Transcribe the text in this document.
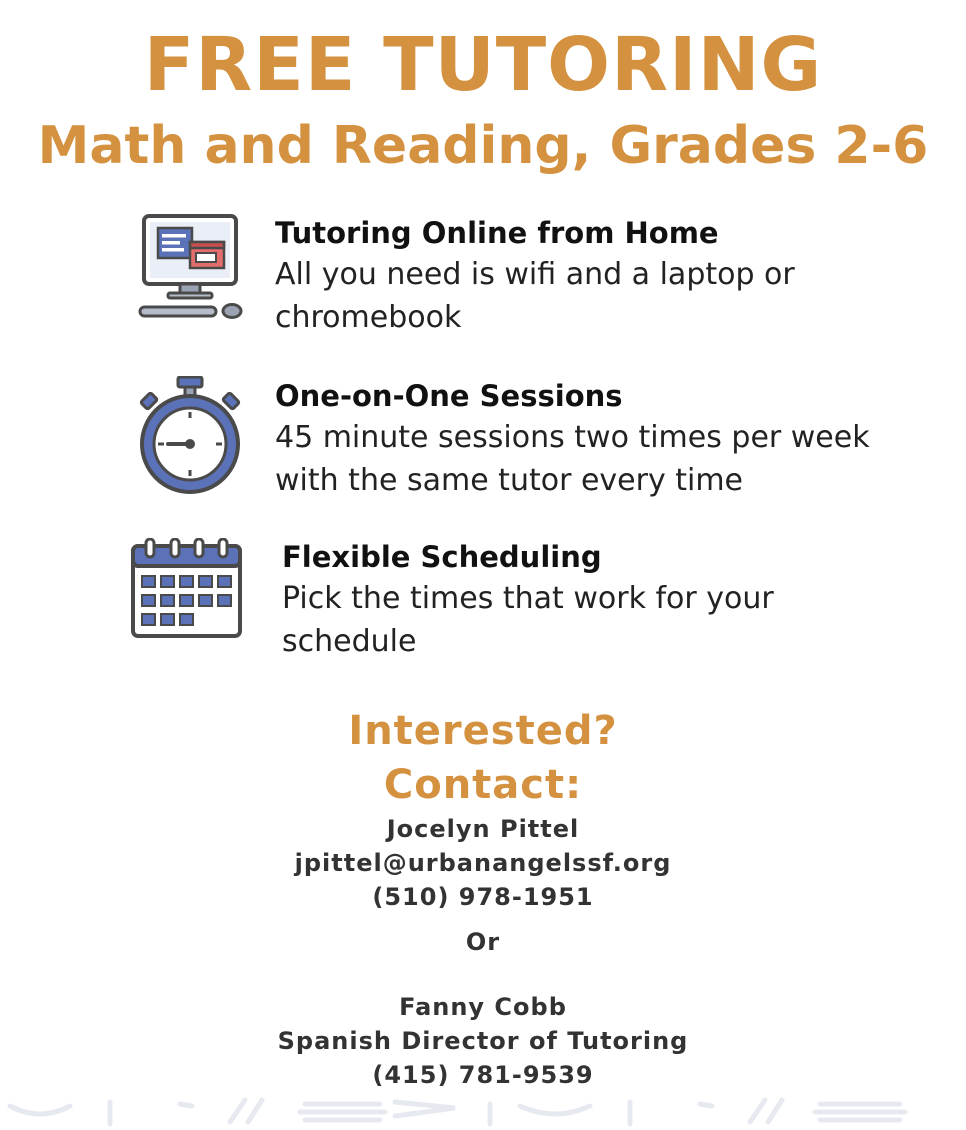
FREE TUTORING
Math and Reading, Grades 2-6

Tutoring Online from Home

All you need is wifi and a laptop or chromebook

One-on-One Sessions

45 minute sessions two times per week with the same tutor every time

Flexible Scheduling

Pick the times that work for your schedule

Interested?

Contact:

Jocelyn Pittel

jpittel@urbanangelssf.org

(510) 978-1951

Or

Fanny Cobb

Spanish Director of Tutoring

(415) 781-9539
